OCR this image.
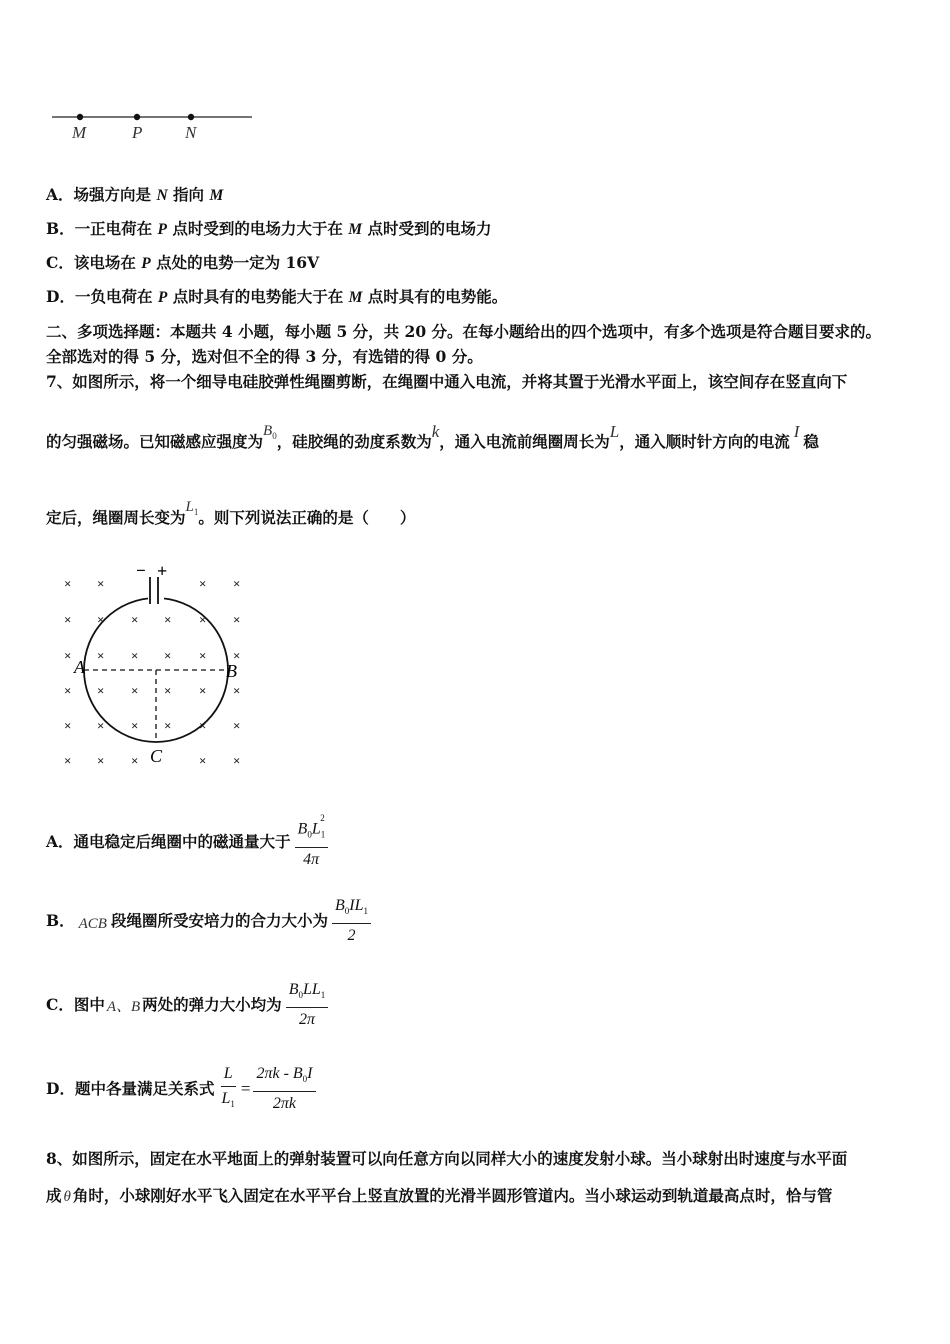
M	P	N
A．场强方向是 N 指向 M
B．一正电荷在 P 点时受到的电场力大于在 M 点时受到的电场力
C．该电场在 P 点处的电势一定为 16V
D．一负电荷在 P 点时具有的电势能大于在 M 点时具有的电势能。
二、多项选择题：本题共 4 小题，每小题 5 分，共 20 分。在每小题给出的四个选项中，有多个选项是符合题目要求的。
全部选对的得 5 分，选对但不全的得 3 分，有选错的得 0 分。
7、如图所示，将一个细导电硅胶弹性绳圈剪断，在绳圈中通入电流，并将其置于光滑水平面上，该空间存在竖直向下
的匀强磁场。已知磁感应强度为$B_0$，硅胶绳的劲度系数为k，通入电流前绳圈周长为L，通入顺时针方向的电流I稳
定后，绳圈周长变为$L_1$。则下列说法正确的是（　　）
× ×	× ×
× × × × × ×
× × × × × ×
× × × × × ×
× × × × × ×
× × ×	× ×
− +
A	B
C
A．通电稳定后绳圈中的磁通量大于 $\frac{B_0L_1^2}{4\pi}$
B． ACB 段绳圈所受安培力的合力大小为 $\frac{B_0IL_1}{2}$
C．图中 A、B 两处的弹力大小均为 $\frac{B_0LL_1}{2\pi}$
D．题中各量满足关系式 $\frac{L}{L_1} = \frac{2\pi k - B_0I}{2\pi k}$
8、如图所示，固定在水平地面上的弹射装置可以向任意方向以同样大小的速度发射小球。当小球射出时速度与水平面
成 θ 角时，小球刚好水平飞入固定在水平平台上竖直放置的光滑半圆形管道内。当小球运动到轨道最高点时，恰与管
